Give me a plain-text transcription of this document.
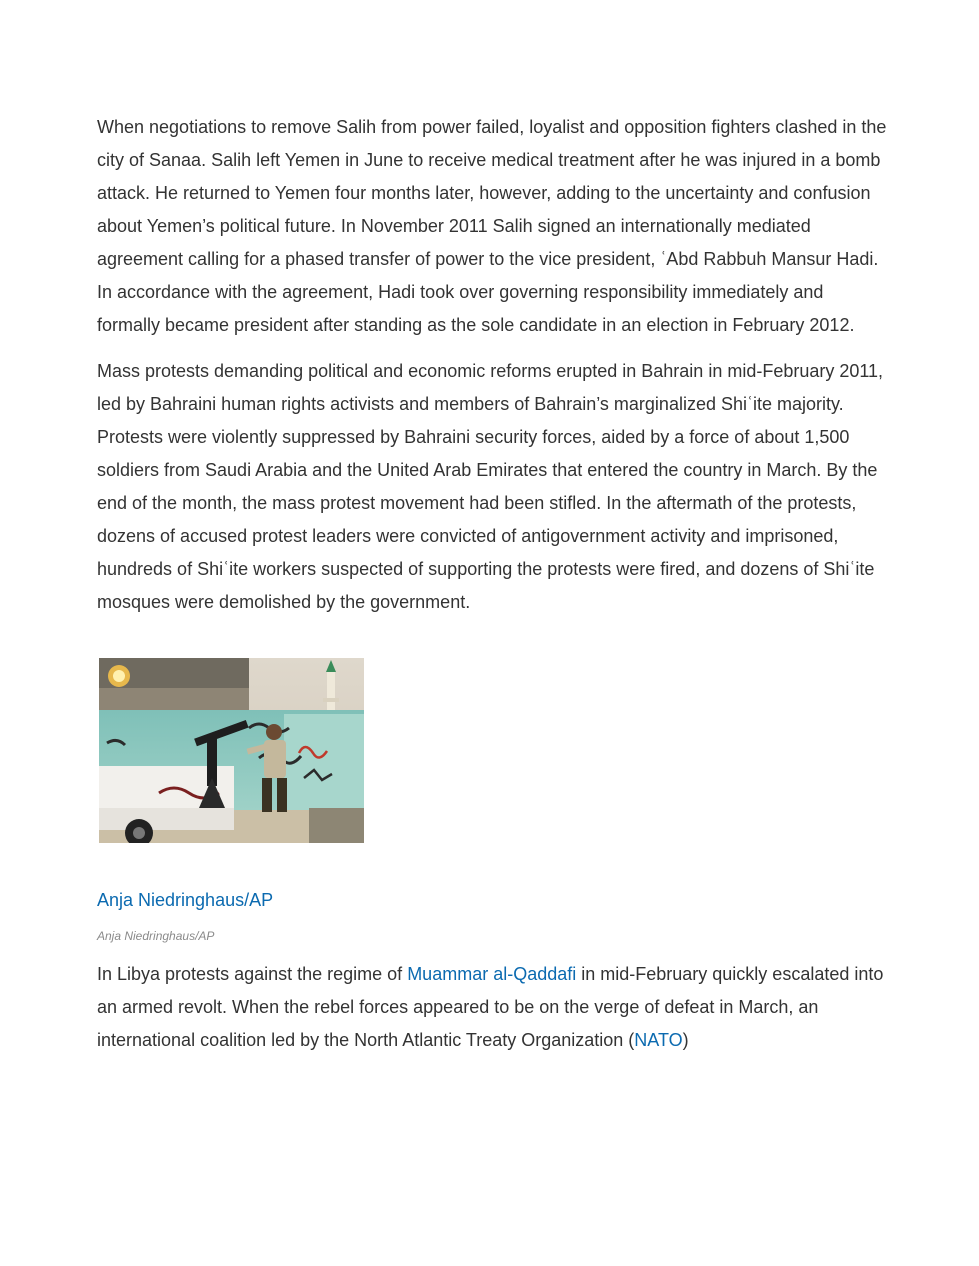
When negotiations to remove Salih from power failed, loyalist and opposition fighters clashed in the city of Sanaa. Salih left Yemen in June to receive medical treatment after he was injured in a bomb attack. He returned to Yemen four months later, however, adding to the uncertainty and confusion about Yemen’s political future. In November 2011 Salih signed an internationally mediated agreement calling for a phased transfer of power to the vice president, ʿAbd Rabbuh Mansur Hadi. In accordance with the agreement, Hadi took over governing responsibility immediately and formally became president after standing as the sole candidate in an election in February 2012.

Mass protests demanding political and economic reforms erupted in Bahrain in mid-February 2011, led by Bahraini human rights activists and members of Bahrain’s marginalized Shiʿite majority. Protests were violently suppressed by Bahraini security forces, aided by a force of about 1,500 soldiers from Saudi Arabia and the United Arab Emirates that entered the country in March. By the end of the month, the mass protest movement had been stifled. In the aftermath of the protests, dozens of accused protest leaders were convicted of antigovernment activity and imprisoned, hundreds of Shiʿite workers suspected of supporting the protests were fired, and dozens of Shiʿite mosques were demolished by the government.

Anja Niedringhaus/AP
Anja Niedringhaus/AP

In Libya protests against the regime of Muammar al-Qaddafi in mid-February quickly escalated into an armed revolt. When the rebel forces appeared to be on the verge of defeat in March, an international coalition led by the North Atlantic Treaty Organization (NATO)
